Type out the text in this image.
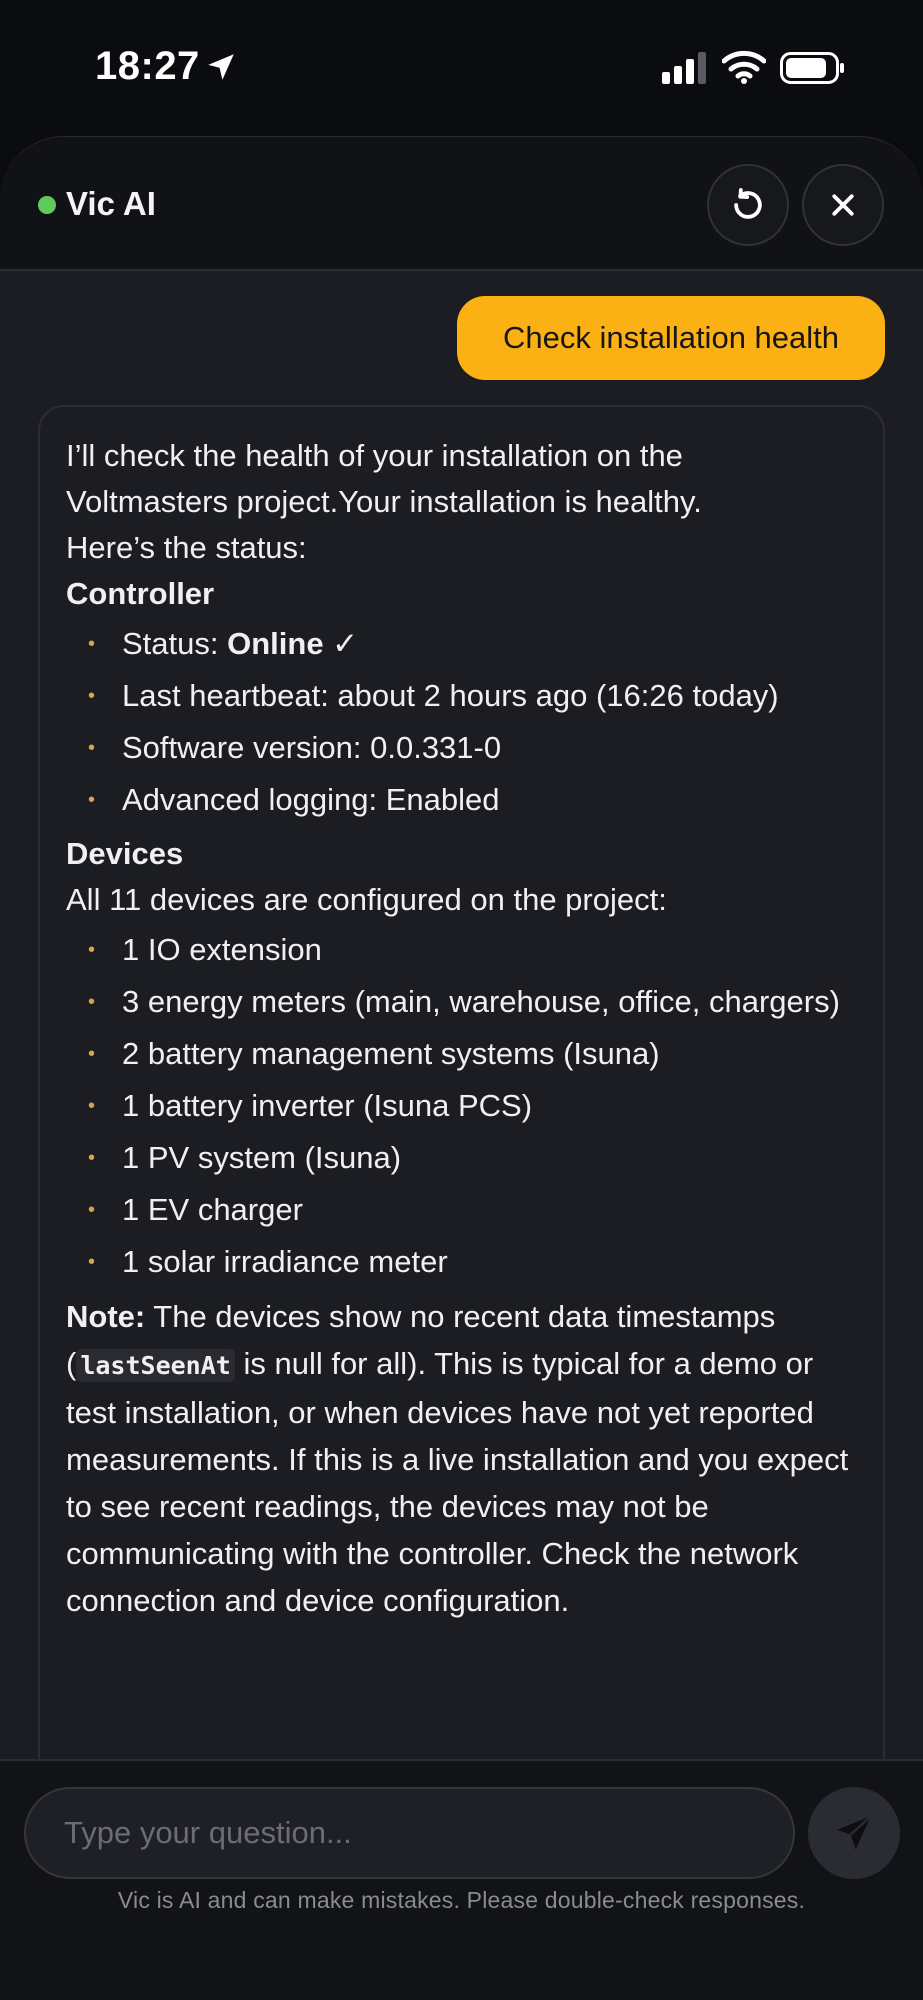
18:27
Vic AI
Check installation health

I’ll check the health of your installation on the
Voltmasters project.Your installation is healthy.
Here’s the status:

Controller

• Status: Online ✓
• Last heartbeat: about 2 hours ago (16:26 today)
• Software version: 0.0.331-0
• Advanced logging: Enabled

Devices

All 11 devices are configured on the project:

• 1 IO extension
• 3 energy meters (main, warehouse, office, chargers)
• 2 battery management systems (Isuna)
• 1 battery inverter (Isuna PCS)
• 1 PV system (Isuna)
• 1 EV charger
• 1 solar irradiance meter

Note: The devices show no recent data timestamps ( lastSeenAt is null for all). This is typical for a demo or test installation, or when devices have not yet reported measurements. If this is a live installation and you expect to see recent readings, the devices may not be communicating with the controller. Check the network connection and device configuration.

Type your question...
Vic is AI and can make mistakes. Please double-check responses.
